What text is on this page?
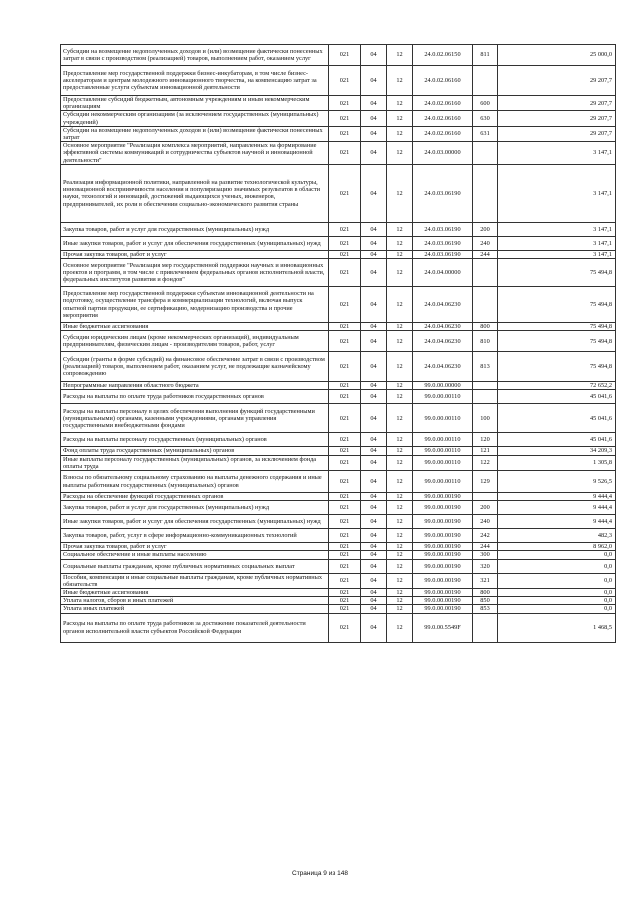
Субсидии на возмещение недополученных доходов и (или) возмещение фактически понесенных затрат в связи с производством (реализацией) товаров, выполнением работ, оказанием услуг	021	04	12	24.0.02.06150	811	25 000,0
Предоставление мер государственной поддержки бизнес-инкубаторам, в том числе бизнес-акселераторам и центрам молодежного инновационного творчества, на компенсацию затрат за предоставленные услуги субъектам инновационной деятельности	021	04	12	24.0.02.06160		29 207,7
Предоставление субсидий бюджетным, автономным учреждениям и иным некоммерческим организациям	021	04	12	24.0.02.06160	600	29 207,7
Субсидии некоммерческим организациям (за исключением государственных (муниципальных) учреждений)	021	04	12	24.0.02.06160	630	29 207,7
Субсидии на возмещение недополученных доходов и (или) возмещение фактически понесенных затрат	021	04	12	24.0.02.06160	631	29 207,7
Основное мероприятие "Реализация комплекса мероприятий, направленных на формирование эффективной системы коммуникаций и сотрудничества субъектов научной и инновационной деятельности"	021	04	12	24.0.03.00000		3 147,1
Реализация информационной политики, направленной на развитие технологической культуры, инновационной восприимчивости населения и популяризацию значимых результатов в области науки, технологий и инноваций, достижений выдающихся ученых, инженеров, предпринимателей, их роли в обеспечении социально-экономического развития страны	021	04	12	24.0.03.06190		3 147,1
Закупка товаров, работ и услуг для государственных (муниципальных) нужд	021	04	12	24.0.03.06190	200	3 147,1
Иные закупки товаров, работ и услуг для обеспечения государственных (муниципальных) нужд	021	04	12	24.0.03.06190	240	3 147,1
Прочая закупка товаров, работ и услуг	021	04	12	24.0.03.06190	244	3 147,1
Основное мероприятие "Реализация мер государственной поддержки научных и инновационных проектов и программ, в том числе с привлечением федеральных органов исполнительной власти, федеральных институтов развития и фондов"	021	04	12	24.0.04.00000		75 494,8
Предоставление мер государственной поддержки субъектам инновационной деятельности на подготовку, осуществление трансфера и коммерциализации технологий, включая выпуск опытной партии продукции, ее сертификацию, модернизацию производства и прочие мероприятия	021	04	12	24.0.04.06230		75 494,8
Иные бюджетные ассигнования	021	04	12	24.0.04.06230	800	75 494,8
Субсидии юридическим лицам (кроме некоммерческих организаций), индивидуальным предпринимателям, физическим лицам - производителям товаров, работ, услуг	021	04	12	24.0.04.06230	810	75 494,8
Субсидии (гранты в форме субсидий) на финансовое обеспечение затрат в связи с производством (реализацией) товаров, выполнением работ, оказанием услуг, не подлежащие казначейскому сопровождению	021	04	12	24.0.04.06230	813	75 494,8
Непрограммные направления областного бюджета	021	04	12	99.0.00.00000		72 652,2
Расходы на выплаты по оплате труда работников государственных органов	021	04	12	99.0.00.00110		45 041,6
Расходы на выплаты персоналу в целях обеспечения выполнения функций государственными (муниципальными) органами, казенными учреждениями, органами управления государственными внебюджетными фондами	021	04	12	99.0.00.00110	100	45 041,6
Расходы на выплаты персоналу государственных (муниципальных) органов	021	04	12	99.0.00.00110	120	45 041,6
Фонд оплаты труда государственных (муниципальных) органов	021	04	12	99.0.00.00110	121	34 209,3
Иные выплаты персоналу государственных (муниципальных) органов, за исключением фонда оплаты труда	021	04	12	99.0.00.00110	122	1 305,8
Взносы по обязательному социальному страхованию на выплаты денежного содержания и иные выплаты работникам государственных (муниципальных) органов	021	04	12	99.0.00.00110	129	9 526,5
Расходы на обеспечение функций государственных органов	021	04	12	99.0.00.00190		9 444,4
Закупка товаров, работ и услуг для государственных (муниципальных) нужд	021	04	12	99.0.00.00190	200	9 444,4
Иные закупки товаров, работ и услуг для обеспечения государственных (муниципальных) нужд	021	04	12	99.0.00.00190	240	9 444,4
Закупка товаров, работ, услуг в сфере информационно-коммуникационных технологий	021	04	12	99.0.00.00190	242	482,3
Прочая закупка товаров, работ и услуг	021	04	12	99.0.00.00190	244	8 962,0
Социальное обеспечение и иные выплаты населению	021	04	12	99.0.00.00190	300	0,0
Социальные выплаты гражданам, кроме публичных нормативных социальных выплат	021	04	12	99.0.00.00190	320	0,0
Пособия, компенсации и иные социальные выплаты гражданам, кроме публичных нормативных обязательств	021	04	12	99.0.00.00190	321	0,0
Иные бюджетные ассигнования	021	04	12	99.0.00.00190	800	0,0
Уплата налогов, сборов и иных платежей	021	04	12	99.0.00.00190	850	0,0
Уплата иных платежей	021	04	12	99.0.00.00190	853	0,0
Расходы на выплаты по оплате труда работников за достижение показателей деятельности органов исполнительной власти субъектов Российской Федерации	021	04	12	99.0.00.5549F		1 468,5
Страница 9 из 148
